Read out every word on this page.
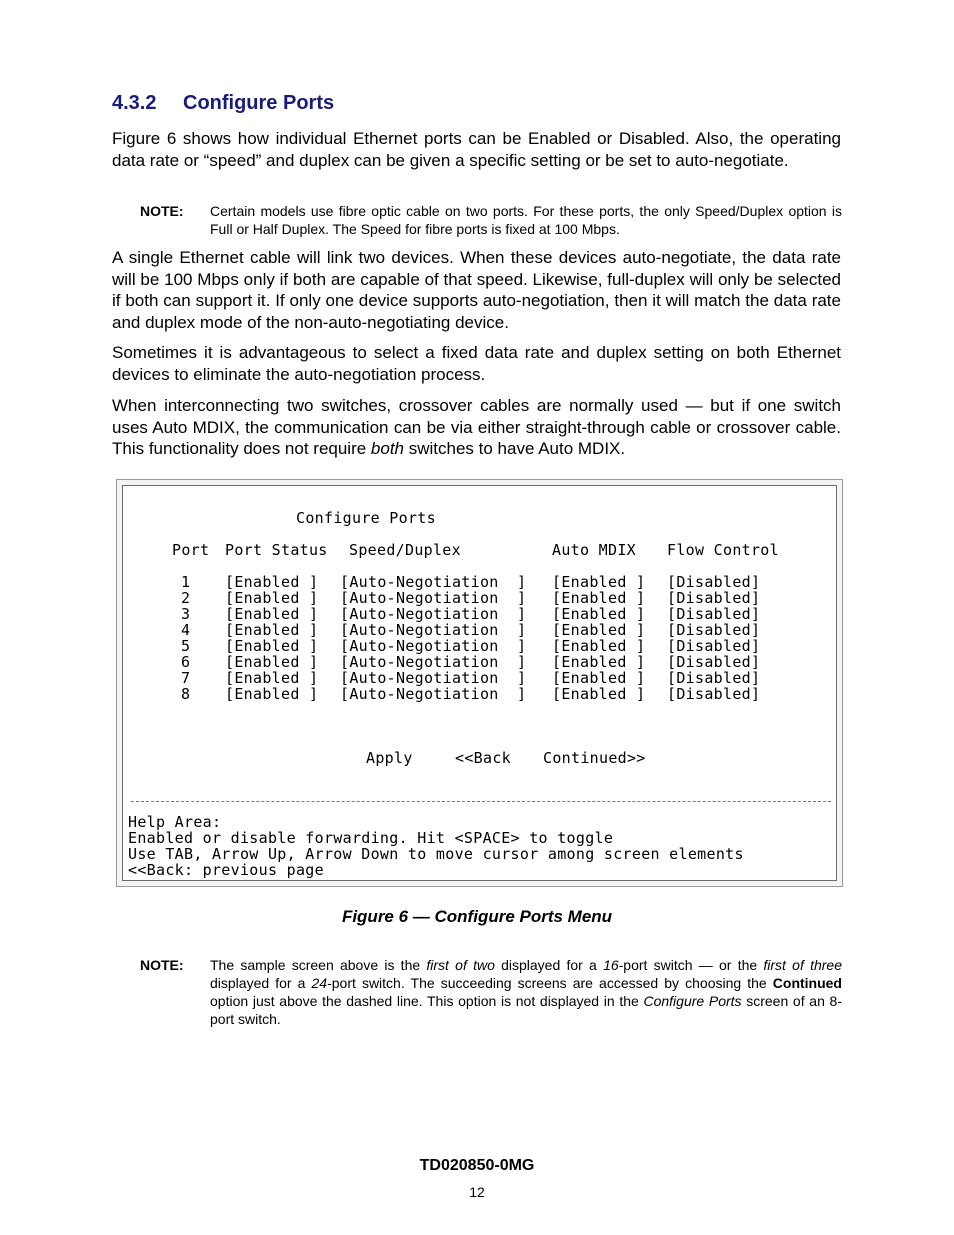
4.3.2 Configure Ports

Figure 6 shows how individual Ethernet ports can be Enabled or Disabled. Also, the operating data rate or “speed” and duplex can be given a specific setting or be set to auto-negotiate.

NOTE: Certain models use fibre optic cable on two ports. For these ports, the only Speed/Duplex option is Full or Half Duplex. The Speed for fibre ports is fixed at 100 Mbps.

A single Ethernet cable will link two devices. When these devices auto-negotiate, the data rate will be 100 Mbps only if both are capable of that speed. Likewise, full-duplex will only be selected if both can support it. If only one device supports auto-negotiation, then it will match the data rate and duplex mode of the non-auto-negotiating device.

Sometimes it is advantageous to select a fixed data rate and duplex setting on both Ethernet devices to eliminate the auto-negotiation process.

When interconnecting two switches, crossover cables are normally used — but if one switch uses Auto MDIX, the communication can be via either straight-through cable or crossover cable. This functionality does not require both switches to have Auto MDIX.

Configure Ports
Port Port Status Speed/Duplex	Auto MDIX Flow Control
1 [Enabled ] [Auto-Negotiation ] [Enabled ] [Disabled]
2 [Enabled ] [Auto-Negotiation ] [Enabled ] [Disabled]
3 [Enabled ] [Auto-Negotiation ] [Enabled ] [Disabled]
4 [Enabled ] [Auto-Negotiation ] [Enabled ] [Disabled]
5 [Enabled ] [Auto-Negotiation ] [Enabled ] [Disabled]
6 [Enabled ] [Auto-Negotiation ] [Enabled ] [Disabled]
7 [Enabled ] [Auto-Negotiation ] [Enabled ] [Disabled]
8 [Enabled ] [Auto-Negotiation ] [Enabled ] [Disabled]
Apply	<<Back Continued>>
Help Area:
Enabled or disable forwarding. Hit <SPACE> to toggle
Use TAB, Arrow Up, Arrow Down to move cursor among screen elements
<<Back: previous page
Figure 6 — Configure Ports Menu
NOTE: The sample screen above is the first of two displayed for a 16-port switch — or the first of three displayed for a 24-port switch. The succeeding screens are accessed by choosing the Continued option just above the dashed line. This option is not displayed in the Configure Ports screen of an 8-port switch.
TD020850-0MG
12
